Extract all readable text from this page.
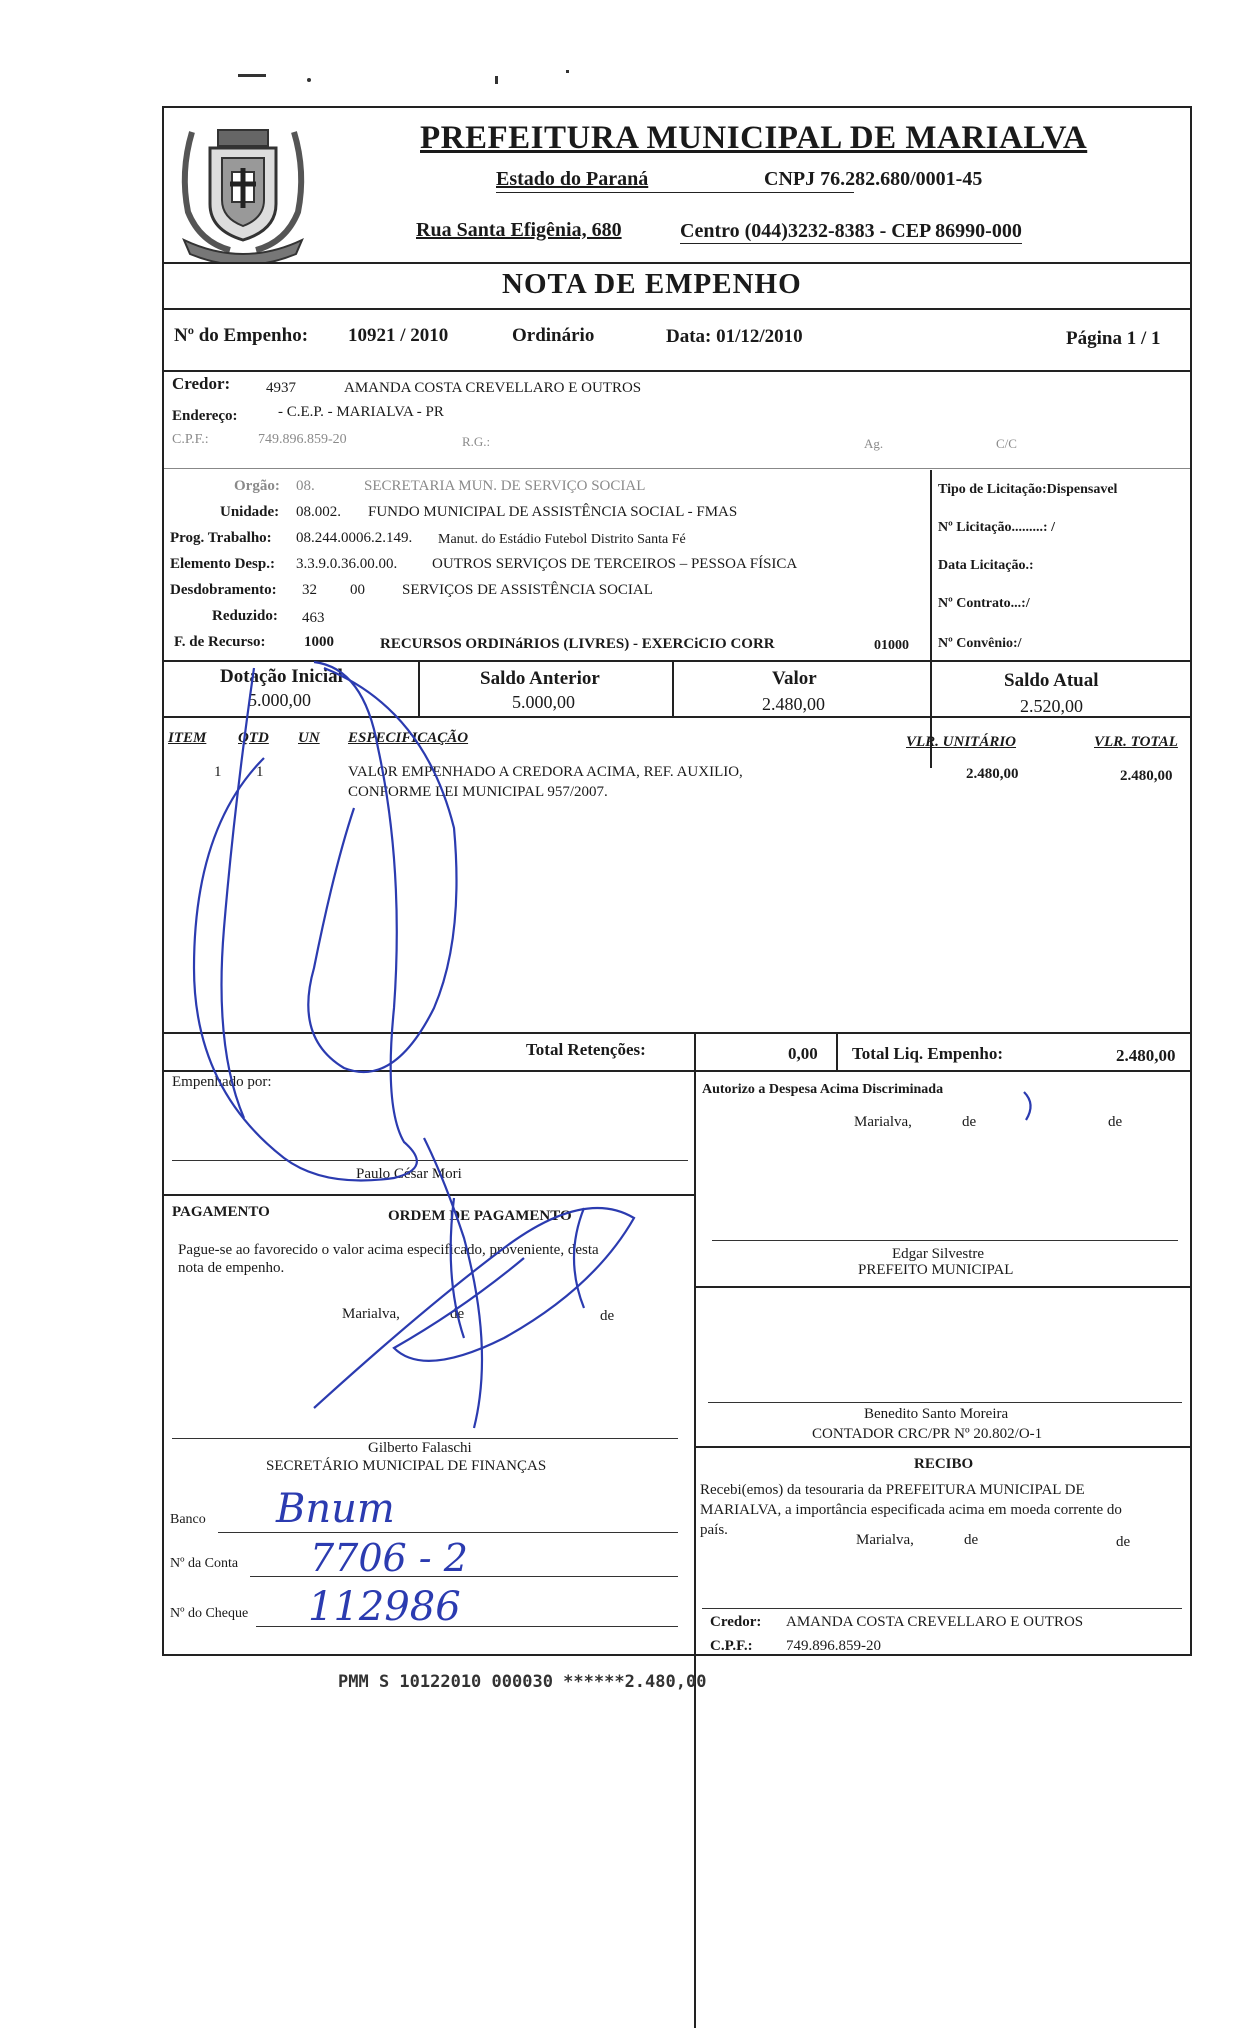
PREFEITURA MUNICIPAL DE MARIALVA
Estado do Paraná	CNPJ 76.282.680/0001-45
Rua Santa Efigênia, 680	Centro (044)3232-8383 - CEP 86990-000
NOTA DE EMPENHO
Nº do Empenho: 10921 / 2010	Ordinário	Data: 01/12/2010	Página 1 / 1
Credor: 4937	AMANDA COSTA CREVELLARO E OUTROS
Endereço:	- C.E.P. - MARIALVA - PR
C.P.F.:	749.896.859-20	R.G.:	Ag.	C/C
Orgão: 08.	SECRETARIA MUN. DE SERVIÇO SOCIAL
Unidade: 08.002. FUNDO MUNICIPAL DE ASSISTÊNCIA SOCIAL - FMAS
Prog. Trabalho: 08.244.0006.2.149. Manut. do Estádio Futebol Distrito Santa Fé
Elemento Desp.: 3.3.9.0.36.00.00. OUTROS SERVIÇOS DE TERCEIROS – PESSOA FÍSICA
Desdobramento: 32 00 SERVIÇOS DE ASSISTÊNCIA SOCIAL
Reduzido: 463
F. de Recurso:	1000	RECURSOS ORDINáRIOS (LIVRES) - EXERCiCIO CORR	01000
Tipo de Licitação:Dispensavel
Nº Licitação.........: /
Data Licitação.:
Nº Contrato...:/
Nº Convênio:/
Dotação Inicial
5.000,00
Saldo Anterior
5.000,00
Valor
2.480,00
Saldo Atual
2.520,00
ITEM QTD UN ESPECIFICAÇÃO	VLR. UNITÁRIO	VLR. TOTAL
1 1	VALOR EMPENHADO A CREDORA ACIMA, REF. AUXILIO,
CONFORME LEI MUNICIPAL 957/2007.
2.480,00	2.480,00
Total Retenções:	0,00 Total Liq. Empenho:	2.480,00
Empenhado por:
Paulo César Mori
Autorizo a Despesa Acima Discriminada
Marialva,	de	de
Edgar Silvestre
PREFEITO MUNICIPAL
PAGAMENTO	ORDEM DE PAGAMENTO
Pague-se ao favorecido o valor acima especificado, proveniente, desta
nota de empenho.
Marialva,	de	de
Gilberto Falaschi
SECRETÁRIO MUNICIPAL DE FINANÇAS
Banco Bnum
Nº da Conta 7706 - 2
Nº do Cheque 112986
Benedito Santo Moreira
CONTADOR CRC/PR Nº 20.802/O-1
RECIBO
Recebi(emos) da tesouraria da PREFEITURA MUNICIPAL DE
MARIALVA, a importância especificada acima em moeda corrente do
país.
Marialva,	de	de
Credor: AMANDA COSTA CREVELLARO E OUTROS
C.P.F.: 749.896.859-20
PMM S 10122010 000030 ******2.480,00
